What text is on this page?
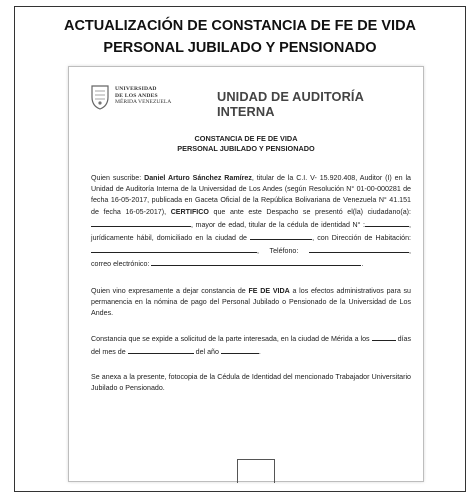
ACTUALIZACIÓN DE CONSTANCIA DE FE DE VIDA
PERSONAL JUBILADO Y PENSIONADO
UNIVERSIDAD
DE LOS ANDES
MÉRIDA VENEZUELA	UNIDAD DE AUDITORÍA INTERNA
CONSTANCIA DE FE DE VIDA
PERSONAL JUBILADO Y PENSIONADO

Quien suscribe: Daniel Arturo Sánchez Ramírez, titular de la C.I. V- 15.920.408, Auditor (I) en la Unidad de Auditoría Interna de la Universidad de Los Andes (según Resolución N° 01-00-000281 de fecha 16-05-2017, publicada en Gaceta Oficial de la República Bolivariana de Venezuela N° 41.151 de fecha 16-05-2017), CERTIFICO que ante este Despacho se presentó el(la) ciudadano(a): , mayor de edad, titular de la cédula de identidad N° :	, jurídicamente hábil, domiciliado en la ciudad de	, con Dirección de Habitación: , Teléfono:	, correo electrónico:	.

Quien vino expresamente a dejar constancia de FE DE VIDA a los efectos administrativos para su permanencia en la nómina de pago del Personal Jubilado o Pensionado de la Universidad de Los Andes.

Constancia que se expide a solicitud de la parte interesada, en la ciudad de Mérida a los	días del mes de	del año	.

Se anexa a la presente, fotocopia de la Cédula de Identidad del mencionado Trabajador Universitario Jubilado o Pensionado.
